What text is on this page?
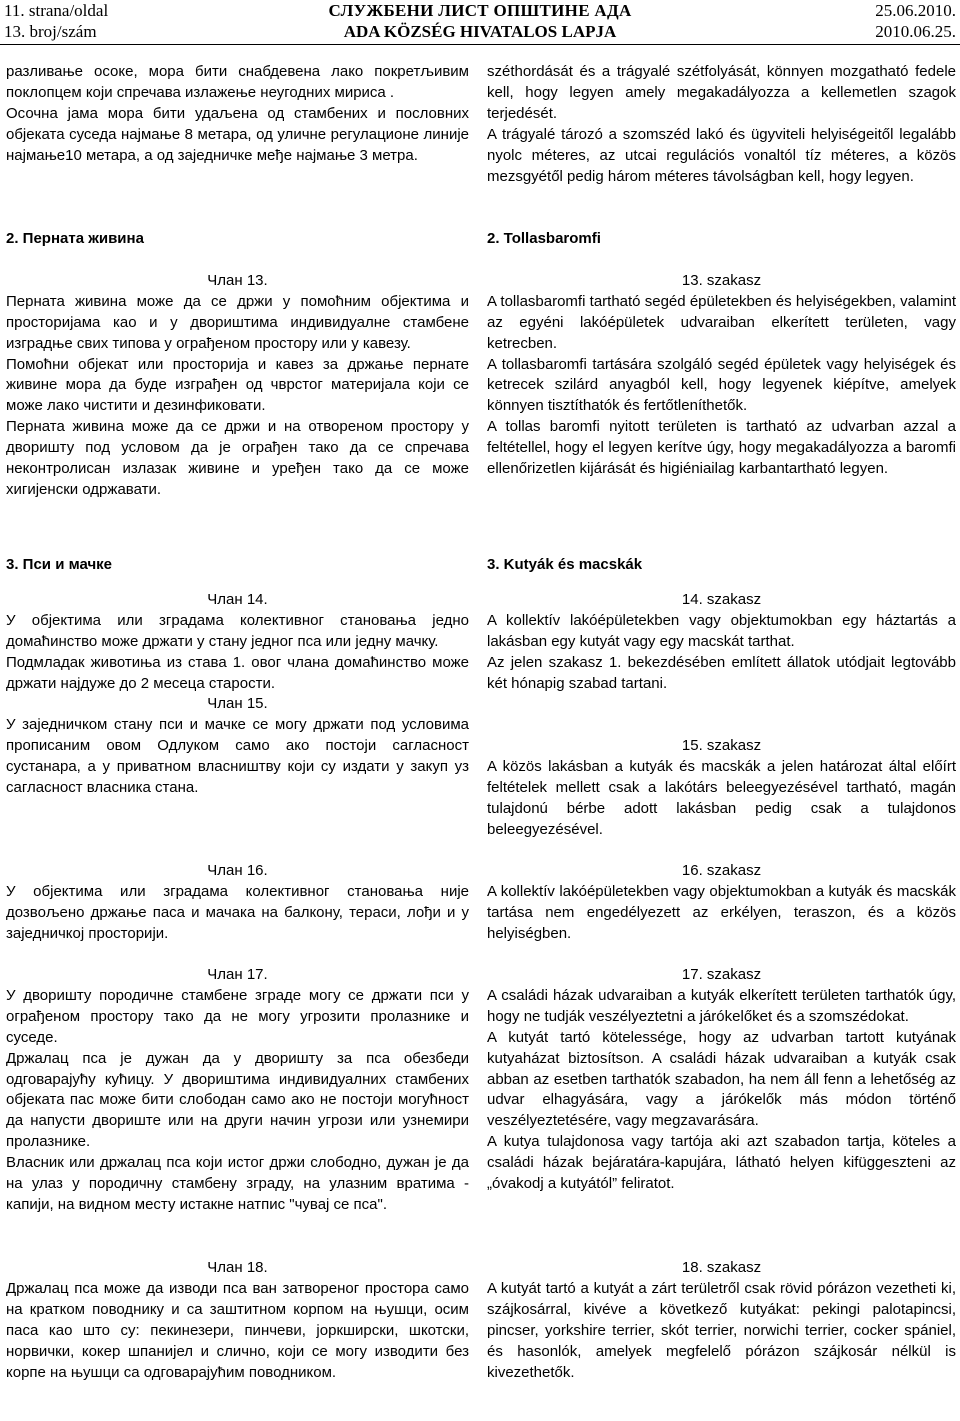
11. strana/oldal
13. broj/szám
СЛУЖБЕНИ ЛИСТ ОПШТИНЕ АДА
ADA KÖZSÉG HIVATALOS LAPJA
25.06.2010.
2010.06.25.

разливање осоке, мора бити снабдевена лако покретљивим поклопцем који спречава излажење неугодних мириса .

Осочна јама мора бити удаљена од стамбених и пословних објеката суседа најмање 8 метара, од уличне регулационе линије најмање10 метара, а од заједничке међе најмање 3 метра.

2. Перната живина

Члан 13.

Перната живина може да се држи у помоћним објектима и просторијама као и у двориштима индивидуалне стамбене изградње свих типова у ограђеном простору или у кавезу.

Помоћни објекат или просторија и кавез за држање пернате живине мора да буде изграђен од чврстог материјала који се може лако чистити и дезинфиковати.

Перната живина може да се држи и на отвореном простору у дворишту под условом да је ограђен тако да се спречава неконтролисан излазак живине и уређен тако да се може хигијенски одржавати.

3. Пси и мачке

Члан 14.

У објектима или зградама колективног становања једно домаћинство може држати у стану једног пса или једну мачку.

Подмладак животиња из става 1. овог члана домаћинство може држати најдуже до 2 месеца старости.

Члан 15.

У заједничком стану пси и мачке се могу држати под условима прописаним овом Одлуком само ако постоји сагласност сустанара, а у приватном власништву који су издати у закуп уз сагласност власника стана.

Члан 16.

У објектима или зградама колективног становања није дозвољено држање паса и мачака на балкону, тераси, лођи и у заједничкој просторији.

Члан 17.

У дворишту породичне стамбене зграде могу се држати пси у ограђеном простору тако да не могу угрозити пролазнике и суседе.

Држалац пса је дужан да у дворишту за пса обезбеди одговарајућу кућицу. У двориштима индивидуалних стамбених објеката пас може бити слободан само ако не постоји могућност да напусти двориште или на други начин угрози или узнемири пролазнике.

Власник или држалац пса који истог држи слободно, дужан је да на улаз у породичну стамбену зграду, на улазним вратима - капији, на видном месту истакне натпис "чувај се пса".

Члан 18.

Држалац пса може да изводи пса ван затвореног простора само на кратком поводнику и са заштитном корпом на њушци, осим паса као што су: пекинезери, пинчеви, јоркширски, шкотски, норвички, кокер шпаниjел и слично, који се могу изводити без корпе на њушци са одговарајућим поводником.

széthordását és a trágyalé szétfolyását, könnyen mozgatható fedele kell, hogy legyen amely megakadályozza a kellemetlen szagok terjedését.

A trágyalé tározó a szomszéd lakó és ügyviteli helyiségeitől legalább nyolc méteres, az utcai regulációs vonaltól tíz méteres, a közös mezsgyétől pedig három méteres távolságban kell, hogy legyen.

2. Tollasbaromfi

13. szakasz

A tollasbaromfi tartható segéd épületekben és helyiségekben, valamint az egyéni lakóépületek udvaraiban elkerített területen, vagy ketrecben.

A tollasbaromfi tartására szolgáló segéd épületek vagy helyiségek és ketrecek szilárd anyagból kell, hogy legyenek kiépítve, amelyek könnyen tisztíthatók és fertőtleníthetők.

A tollas baromfi nyitott területen is tartható az udvarban azzal a feltétellel, hogy el legyen kerítve úgy, hogy megakadályozza a baromfi ellenőrizetlen kijárását és higiéniailag karbantartható legyen.

3. Kutyák és macskák

14. szakasz

A kollektív lakóépületekben vagy objektumokban egy háztartás a lakásban egy kutyát vagy egy macskát tarthat.

Az jelen szakasz 1. bekezdésében említett állatok utódjait legtovább két hónapig szabad tartani.

15. szakasz

A közös lakásban a kutyák és macskák a jelen határozat által előírt feltételek mellett csak a lakótárs beleegyezésével tartható, magán tulajdonú bérbe adott lakásban pedig csak a tulajdonos beleegyezésével.

16. szakasz

A kollektív lakóépületekben vagy objektumokban a kutyák és macskák tartása nem engedélyezett az erkélyen, teraszon, és a közös helyiségben.

17. szakasz

A családi házak udvaraiban a kutyák elkerített területen tarthatók úgy, hogy ne tudják veszélyeztetni a járókelőket és a szomszédokat.

A kutyát tartó kötelessége, hogy az udvarban tartott kutyának kutyaházat biztosítson. A családi házak udvaraiban a kutyák csak abban az esetben tarthatók szabadon, ha nem áll fenn a lehetőség az udvar elhagyására, vagy a járókelők más módon történő veszélyeztetésére, vagy megzavarására.

A kutya tulajdonosa vagy tartója aki azt szabadon tartja, köteles a családi házak bejáratára-kapujára, látható helyen kifüggeszteni az „óvakodj a kutyától” feliratot.

18. szakasz

A kutyát tartó a kutyát a zárt területről csak rövid pórázon vezetheti ki, szájkosárral, kivéve a következő kutyákat: pekingi palotapincsi, pincser, yorkshire terrier, skót terrier, norwichi terrier, cocker spániel, és hasonlók, amelyek megfelelő pórázon szájkosár nélkül is kivezethetők.
